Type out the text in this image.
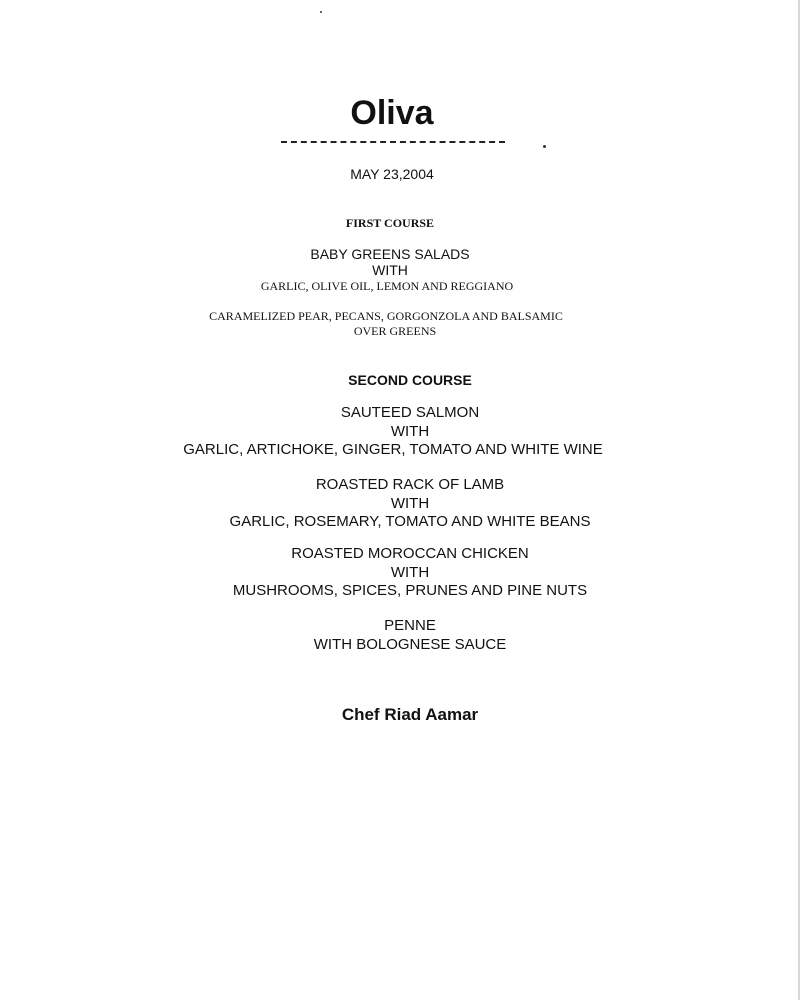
Oliva
MAY 23,2004
FIRST COURSE
BABY GREENS SALADS
WITH
GARLIC, OLIVE OIL, LEMON AND REGGIANO
CARAMELIZED PEAR, PECANS, GORGONZOLA AND BALSAMIC
OVER GREENS
SECOND COURSE
SAUTEED SALMON
WITH
GARLIC, ARTICHOKE, GINGER, TOMATO AND WHITE WINE
ROASTED RACK OF LAMB
WITH
GARLIC, ROSEMARY, TOMATO AND WHITE BEANS
ROASTED MOROCCAN CHICKEN
WITH
MUSHROOMS, SPICES, PRUNES AND PINE NUTS
PENNE
WITH BOLOGNESE SAUCE
Chef Riad Aamar
